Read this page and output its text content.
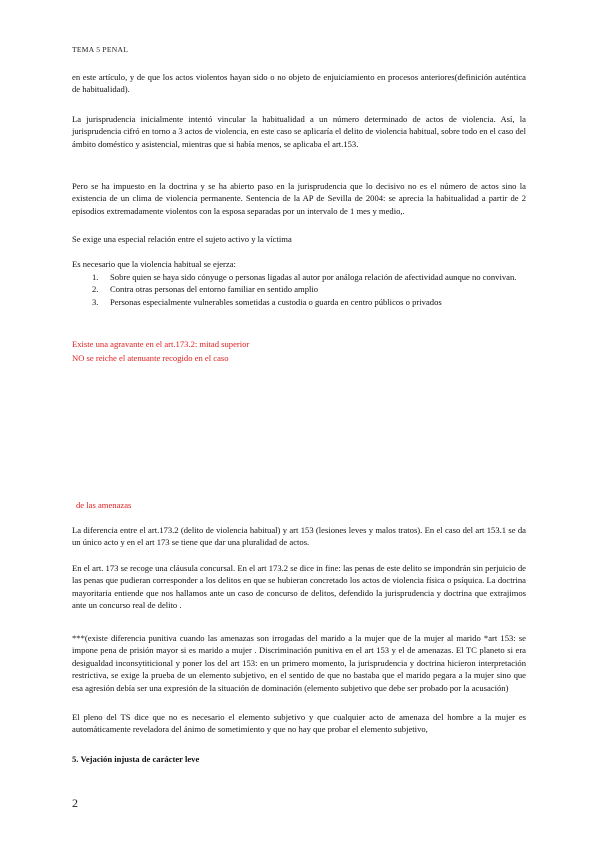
TEMA 5 PENAL

en este artículo, y de que los actos violentos hayan sido o no objeto de enjuiciamiento en procesos anteriores(definición auténtica de habitualidad).

La jurisprudencia inicialmente intentó vincular la habitualidad a un número determinado de actos de violencia. Así, la jurisprudencia cifró en torno a 3 actos de violencia, en este caso se aplicaría el delito de violencia habitual, sobre todo en el caso del ámbito doméstico y asistencial, mientras que si había menos, se aplicaba el art.153.

Pero se ha impuesto en la doctrina y se ha abierto paso en la jurisprudencia que lo decisivo no es el número de actos sino la existencia de un clima de violencia permanente. Sentencia de la AP de Sevilla de 2004: se aprecia la habitualidad a partir de 2 episodios extremadamente violentos con la esposa separadas por un intervalo de 1 mes y medio,.

Se exige una especial relación entre el sujeto activo y la víctima

Es necesario que la violencia habitual se ejerza:

1. Sobre quien se haya sido cónyuge o personas ligadas al autor por análoga relación de afectividad aunque no convivan.
2. Contra otras personas del entorno familiar en sentido amplio
3. Personas especialmente vulnerables sometidas a custodia o guarda en centro públicos o privados

Existe una agravante en el art.173.2: mitad superior

NO se reiche el atenuante recogido en el caso

de las amenazas

La diferencia entre el art.173.2 (delito de violencia habitual) y art 153 (lesiones leves y malos tratos). En el caso del art 153.1 se da un único acto y en el art 173 se tiene que dar una pluralidad de actos.

En el art. 173 se recoge una cláusula concursal. En el art 173.2 se dice in fine: las penas de este delito se impondrán sin perjuicio de las penas que pudieran corresponder a los delitos en que se hubieran concretado los actos de violencia física o psíquica. La doctrina mayoritaria entiende que nos hallamos ante un caso de concurso de delitos, defendido la jurisprudencia y doctrina que extrajimos ante un concurso real de delito .

***(existe diferencia punitiva cuando las amenazas son irrogadas del marido a la mujer que de la mujer al marido *art 153: se impone pena de prisión mayor si es marido a mujer . Discriminación punitiva en el art 153 y el de amenazas. El TC planeto si era desigualdad inconsytiticional y poner los del art 153: en un primero momento, la jurisprudencia y doctrina hicieron interpretación restrictiva, se exige la prueba de un elemento subjetivo, en el sentido de que no bastaba que el marido pegara a la mujer sino que esa agresión debía ser una expresión de la situación de dominación (elemento subjetivo que debe ser probado por la acusación)

El pleno del TS dice que no es necesario el elemento subjetivo y que cualquier acto de amenaza del hombre a la mujer es automáticamente reveladora del ánimo de sometimiento y que no hay que probar el elemento subjetivo,

5. Vejación injusta de carácter leve

2
